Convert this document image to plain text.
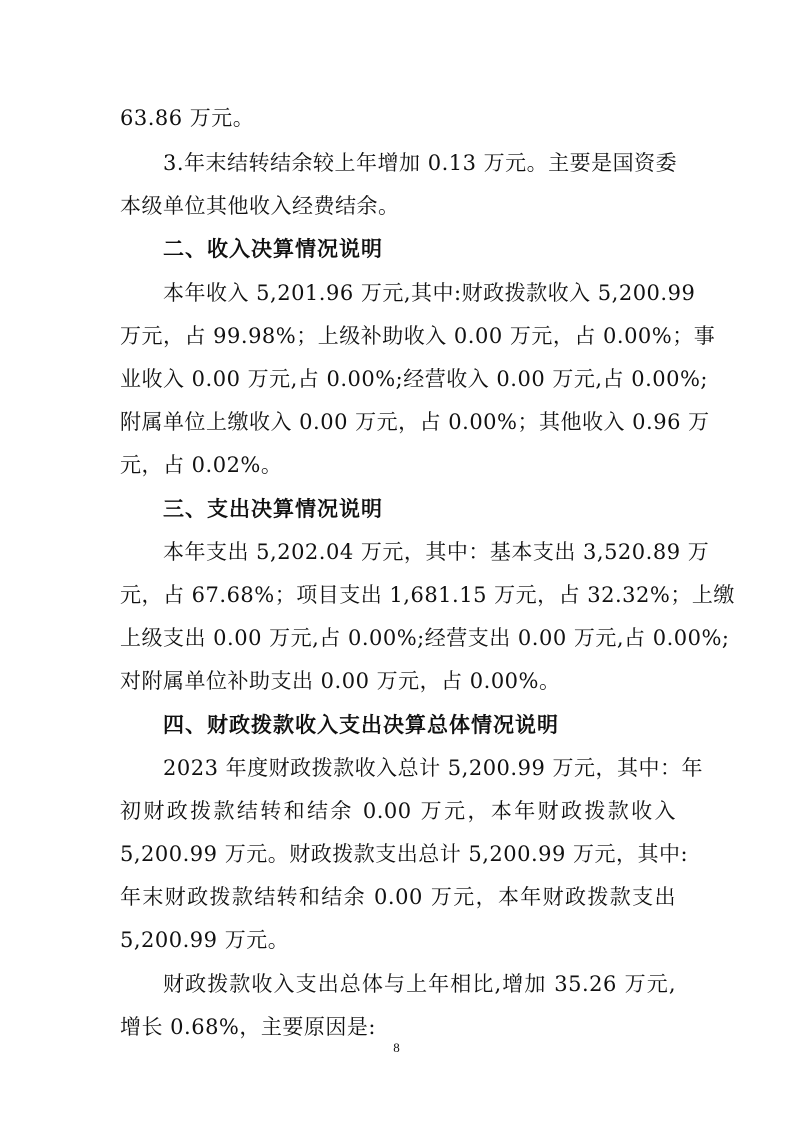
63.86 万元。
3.年末结转结余较上年增加 0.13 万元。主要是国资委
本级单位其他收入经费结余。
二、收入决算情况说明
本年收入 5,201.96 万元,其中:财政拨款收入 5,200.99
万元，占 99.98%；上级补助收入 0.00 万元，占 0.00%；事
业收入 0.00 万元,占 0.00%;经营收入 0.00 万元,占 0.00%;
附属单位上缴收入 0.00 万元，占 0.00%；其他收入 0.96 万
元，占 0.02%。
三、支出决算情况说明
本年支出 5,202.04 万元，其中：基本支出 3,520.89 万
元，占 67.68%；项目支出 1,681.15 万元，占 32.32%；上缴
上级支出 0.00 万元,占 0.00%;经营支出 0.00 万元,占 0.00%;
对附属单位补助支出 0.00 万元，占 0.00%。
四、财政拨款收入支出决算总体情况说明
2023 年度财政拨款收入总计 5,200.99 万元，其中：年
初财政拨款结转和结余 0.00 万元，本年财政拨款收入
5,200.99 万元。财政拨款支出总计 5,200.99 万元，其中:
年末财政拨款结转和结余 0.00 万元，本年财政拨款支出
5,200.99 万元。
财政拨款收入支出总体与上年相比,增加 35.26 万元,
增长 0.68%，主要原因是:
8
